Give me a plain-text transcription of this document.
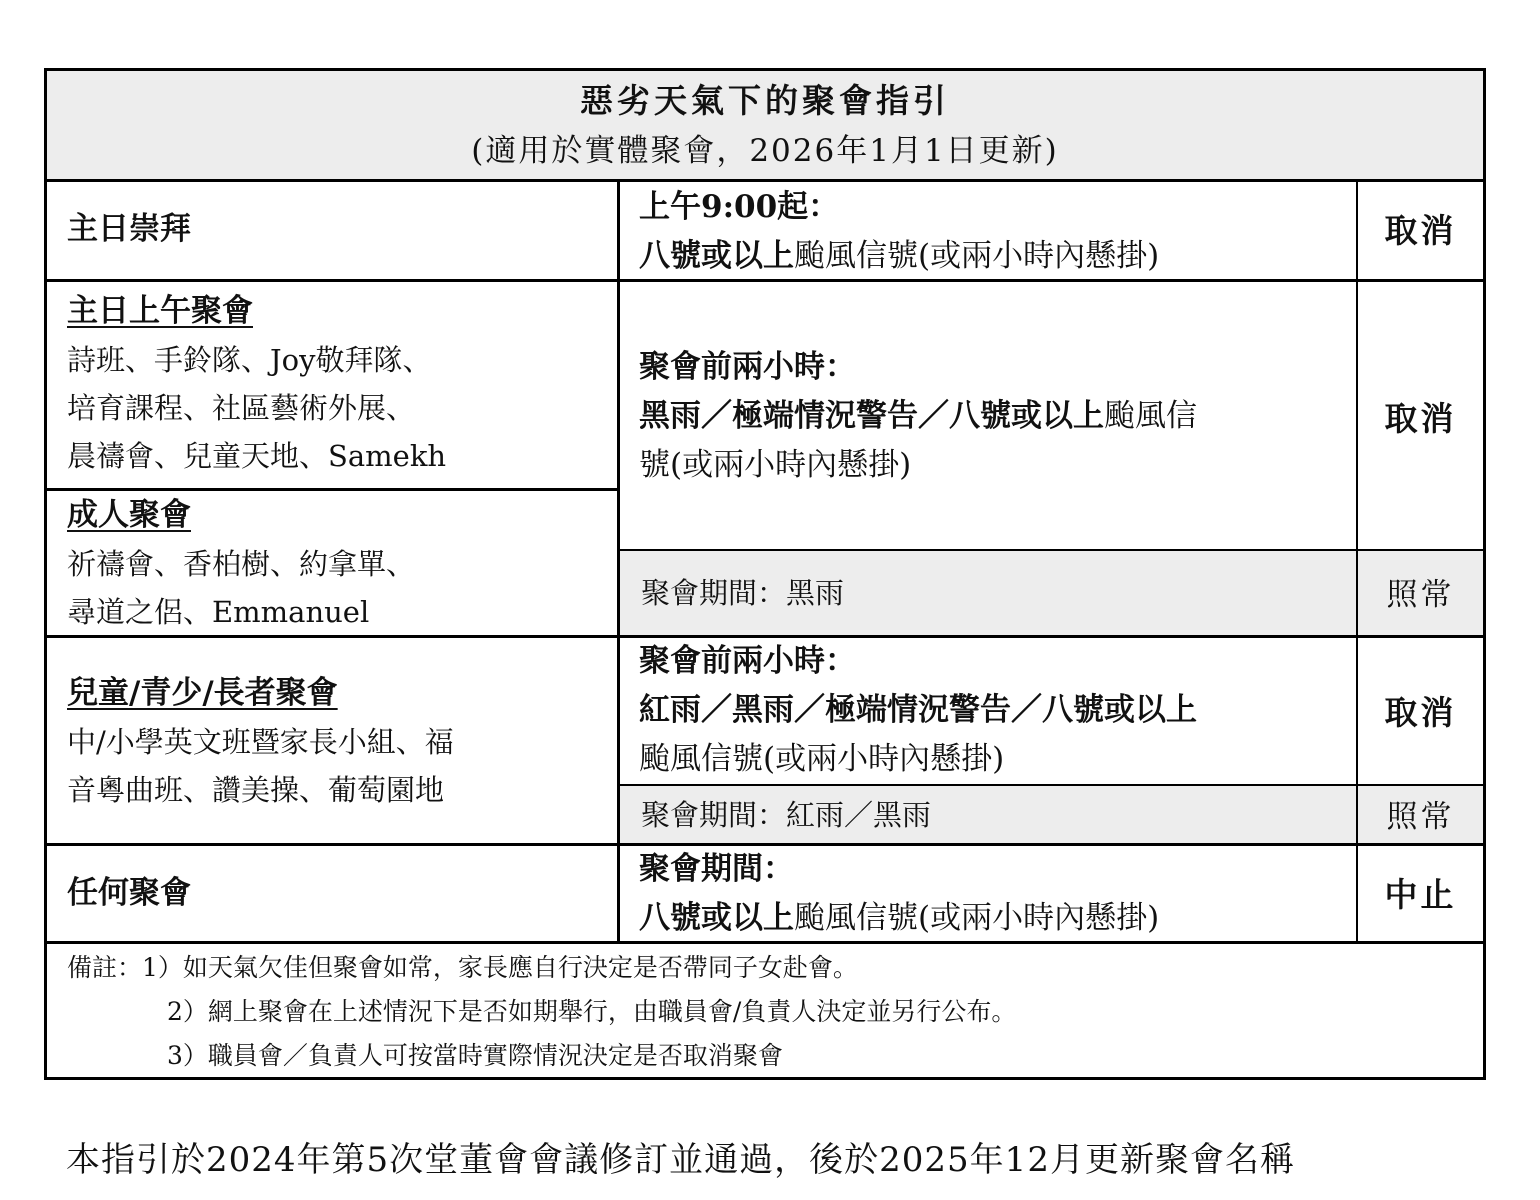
惡劣天氣下的聚會指引
(適用於實體聚會，2026年1月1日更新)
主日崇拜
上午9:00起：
八號或以上颱風信號(或兩小時內懸掛)
取消
主日上午聚會
詩班、手鈴隊、Joy敬拜隊、
培育課程、社區藝術外展、
晨禱會、兒童天地、Samekh
成人聚會
祈禱會、香柏樹、約拿單、
尋道之侶、Emmanuel
聚會前兩小時：
黑雨／極端情況警告／八號或以上颱風信
號(或兩小時內懸掛)
取消
聚會期間：黑雨	照常
兒童/青少/長者聚會
中/小學英文班暨家長小組、福
音粵曲班、讚美操、葡萄園地
聚會前兩小時：
紅雨／黑雨／極端情況警告／八號或以上
颱風信號(或兩小時內懸掛)
取消
聚會期間：紅雨／黑雨	照常
任何聚會
聚會期間：
八號或以上颱風信號(或兩小時內懸掛)
中止
備註：1）如天氣欠佳但聚會如常，家長應自行決定是否帶同子女赴會。
2）網上聚會在上述情況下是否如期舉行，由職員會/負責人決定並另行公布。
3）職員會／負責人可按當時實際情況決定是否取消聚會
本指引於2024年第5次堂董會會議修訂並通過，後於2025年12月更新聚會名稱
